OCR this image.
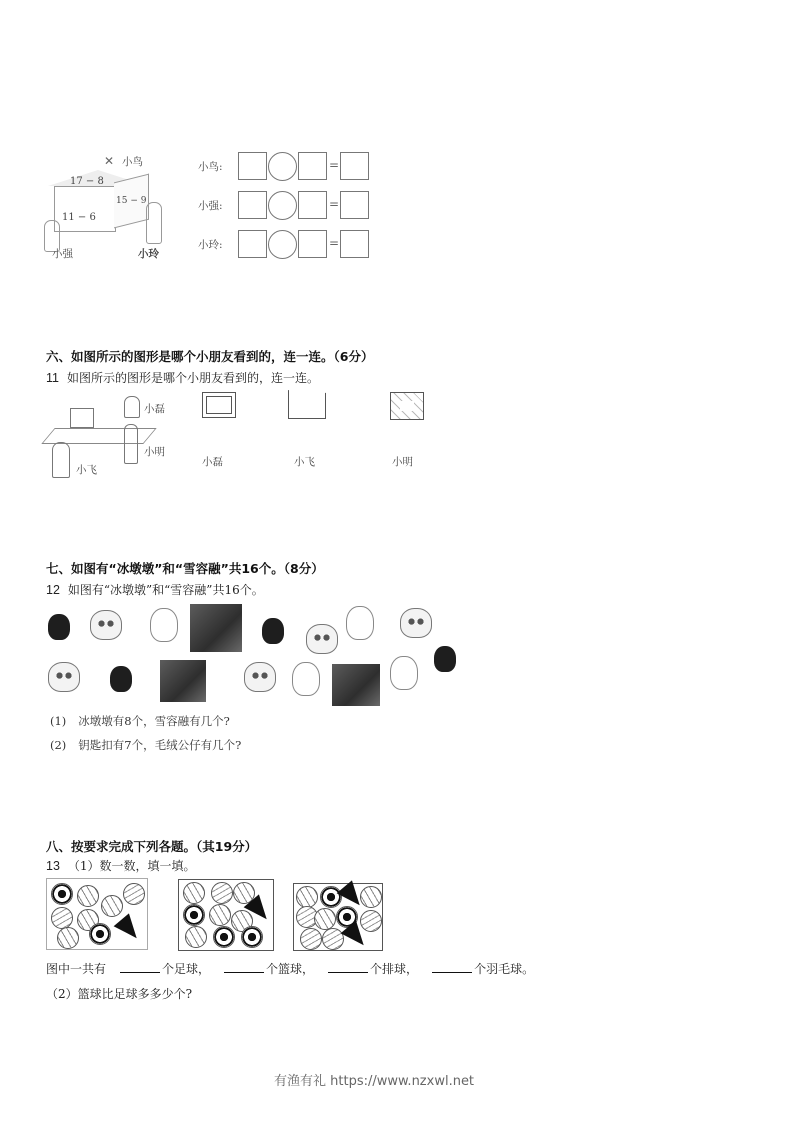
✕ 小鸟
17 − 8
15 − 9
11 − 6
小强	小玲
小鸟:	=
小强:	=
小玲:	=
六、如图所示的图形是哪个小朋友看到的，连一连。（6分）
11 如图所示的图形是哪个小朋友看到的，连一连。
小磊
小明
小飞
小磊	小飞	小明
七、如图有“冰墩墩”和“雪容融”共16个。（8分）
12 如图有“冰墩墩”和“雪容融”共16个。
(1) 冰墩墩有8个，雪容融有几个?
(2) 钥匙扣有7个，毛绒公仔有几个?
八、按要求完成下列各题。（其19分）
13 （1）数一数，填一填。
图中一共有	个足球，	个篮球，	个排球，	个羽毛球。
（2）篮球比足球多多少个?
有渔有礼 https://www.nzxwl.net
